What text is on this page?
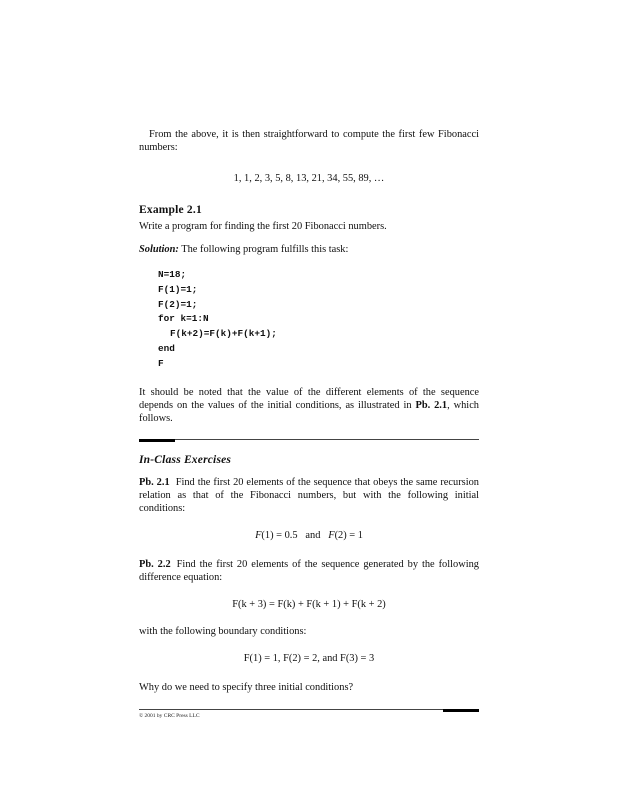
From the above, it is then straightforward to compute the first few Fibonacci numbers:

1, 1, 2, 3, 5, 8, 13, 21, 34, 55, 89, …

Example 2.1

Write a program for finding the first 20 Fibonacci numbers.

Solution: The following program fulfills this task:

N=18;
F(1)=1;
F(2)=1;
for k=1:N
F(k+2)=F(k)+F(k+1);
end
F

It should be noted that the value of the different elements of the sequence depends on the values of the initial conditions, as illustrated in Pb. 2.1, which follows.

In-Class Exercises

Pb. 2.1 Find the first 20 elements of the sequence that obeys the same recursion relation as that of the Fibonacci numbers, but with the following initial conditions:

F(1) = 0.5 and F(2) = 1

Pb. 2.2 Find the first 20 elements of the sequence generated by the following difference equation:

F(k + 3) = F(k) + F(k + 1) + F(k + 2)

with the following boundary conditions:

F(1) = 1, F(2) = 2, and F(3) = 3

Why do we need to specify three initial conditions?

© 2001 by CRC Press LLC
